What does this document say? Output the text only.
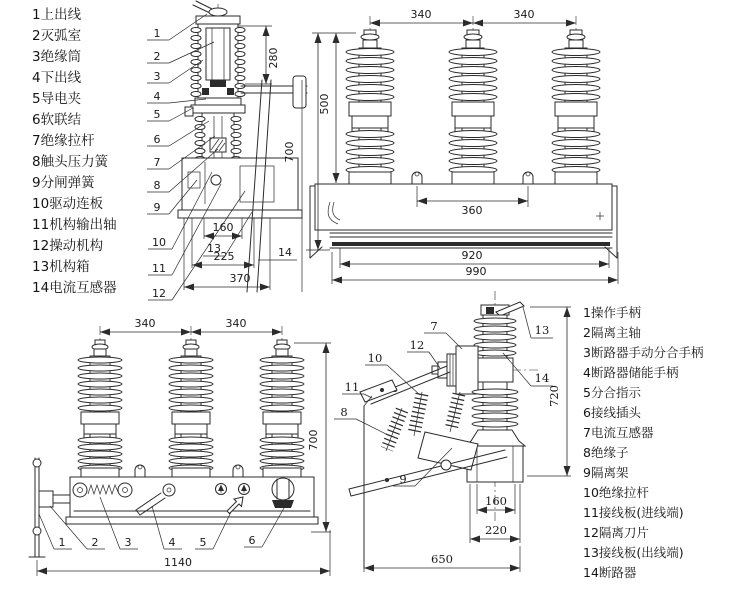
280
160
225
370
13	14
1
2
3
4
5
6
7
8
9
10
11
12
340	340
360
500
700
920
990
340	340
1 2 3	4 5	6
1140
700
7
12
10
11
8
9
13
14
720
160
220
650
1上出线
2灭弧室
3绝缘筒
4下出线
5导电夹
6软联结
7绝缘拉杆
8触头压力簧
9分闸弹簧
10驱动连板
11机构输出轴
12操动机构
13机构箱
14电流互感器
1操作手柄
2隔离主轴
3断路器手动分合手柄
4断路器储能手柄
5分合指示
6接线插头
7电流互感器
8绝缘子
9隔离架
10绝缘拉杆
11接线板(进线端)
12隔离刀片
13接线板(出线端)
14断路器
